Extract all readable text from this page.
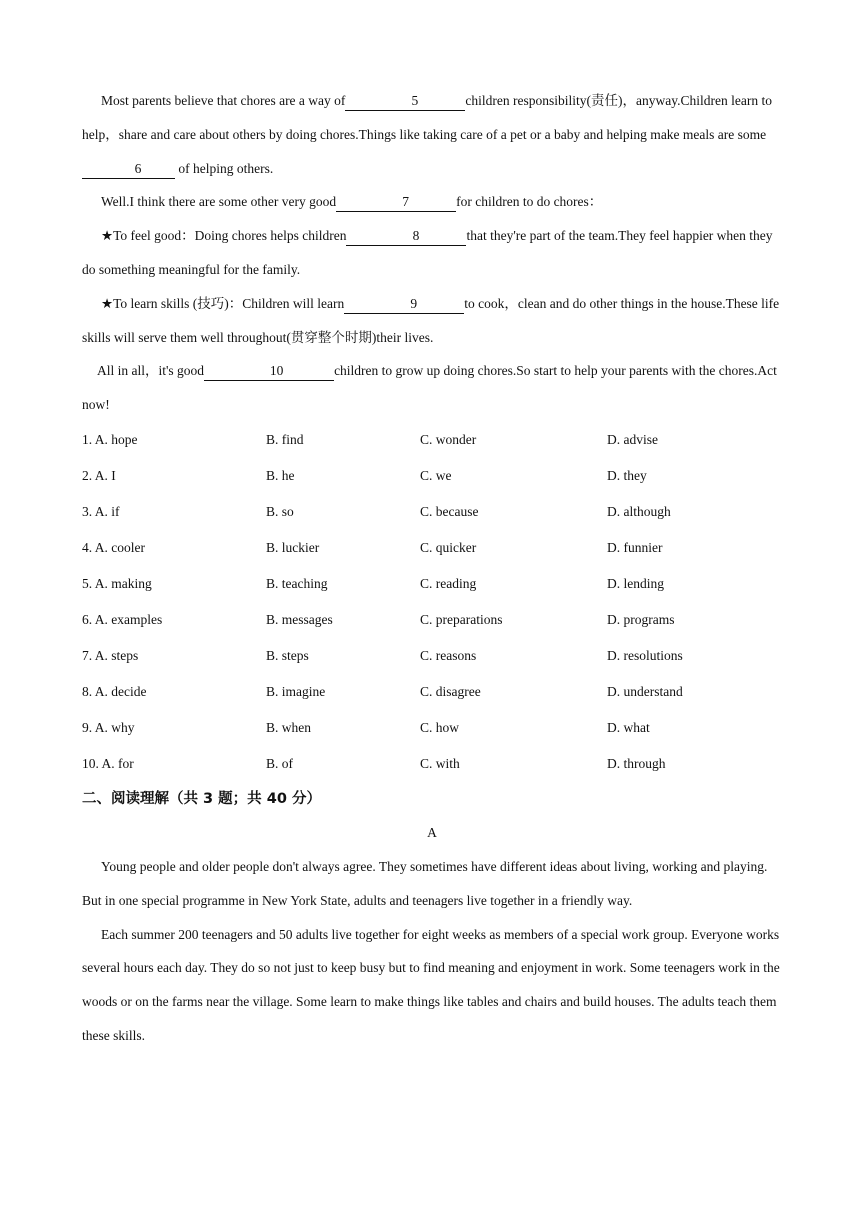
Most parents believe that chores are a way of	5	children responsibility(责任)，anyway.Children learn to help，share and care about others by doing chores.Things like taking care of a pet or a baby and helping make meals are some 6 of helping others.

Well.I think there are some other very good	7	for children to do chores：

★To feel good：Doing chores helps children	8	that they're part of the team.They feel happier when they do something meaningful for the family.

★To learn skills (技巧)：Children will learn	9	to cook，clean and do other things in the house.These life skills will serve them well throughout(贯穿整个时期)their lives.

All in all，it's good	10	children to grow up doing chores.So start to help your parents with the chores.Act now!

1. A. hope	B. find	C. wonder	D. advise
2. A. I	B. he	C. we	D. they
3. A. if	B. so	C. because	D. although
4. A. cooler	B. luckier	C. quicker	D. funnier
5. A. making	B. teaching	C. reading	D. lending
6. A. examples	B. messages	C. preparations	D. programs
7. A. steps	B. steps	C. reasons	D. resolutions
8. A. decide	B. imagine	C. disagree	D. understand
9. A. why	B. when	C. how	D. what
10. A. for	B. of	C. with	D. through
二、阅读理解（共 3 题；共 40 分）
A

Young people and older people don't always agree. They sometimes have different ideas about living, working and playing. But in one special programme in New York State, adults and teenagers live together in a friendly way.

Each summer 200 teenagers and 50 adults live together for eight weeks as members of a special work group. Everyone works several hours each day. They do so not just to keep busy but to find meaning and enjoyment in work. Some teenagers work in the woods or on the farms near the village. Some learn to make things like tables and chairs and build houses. The adults teach them these skills.
